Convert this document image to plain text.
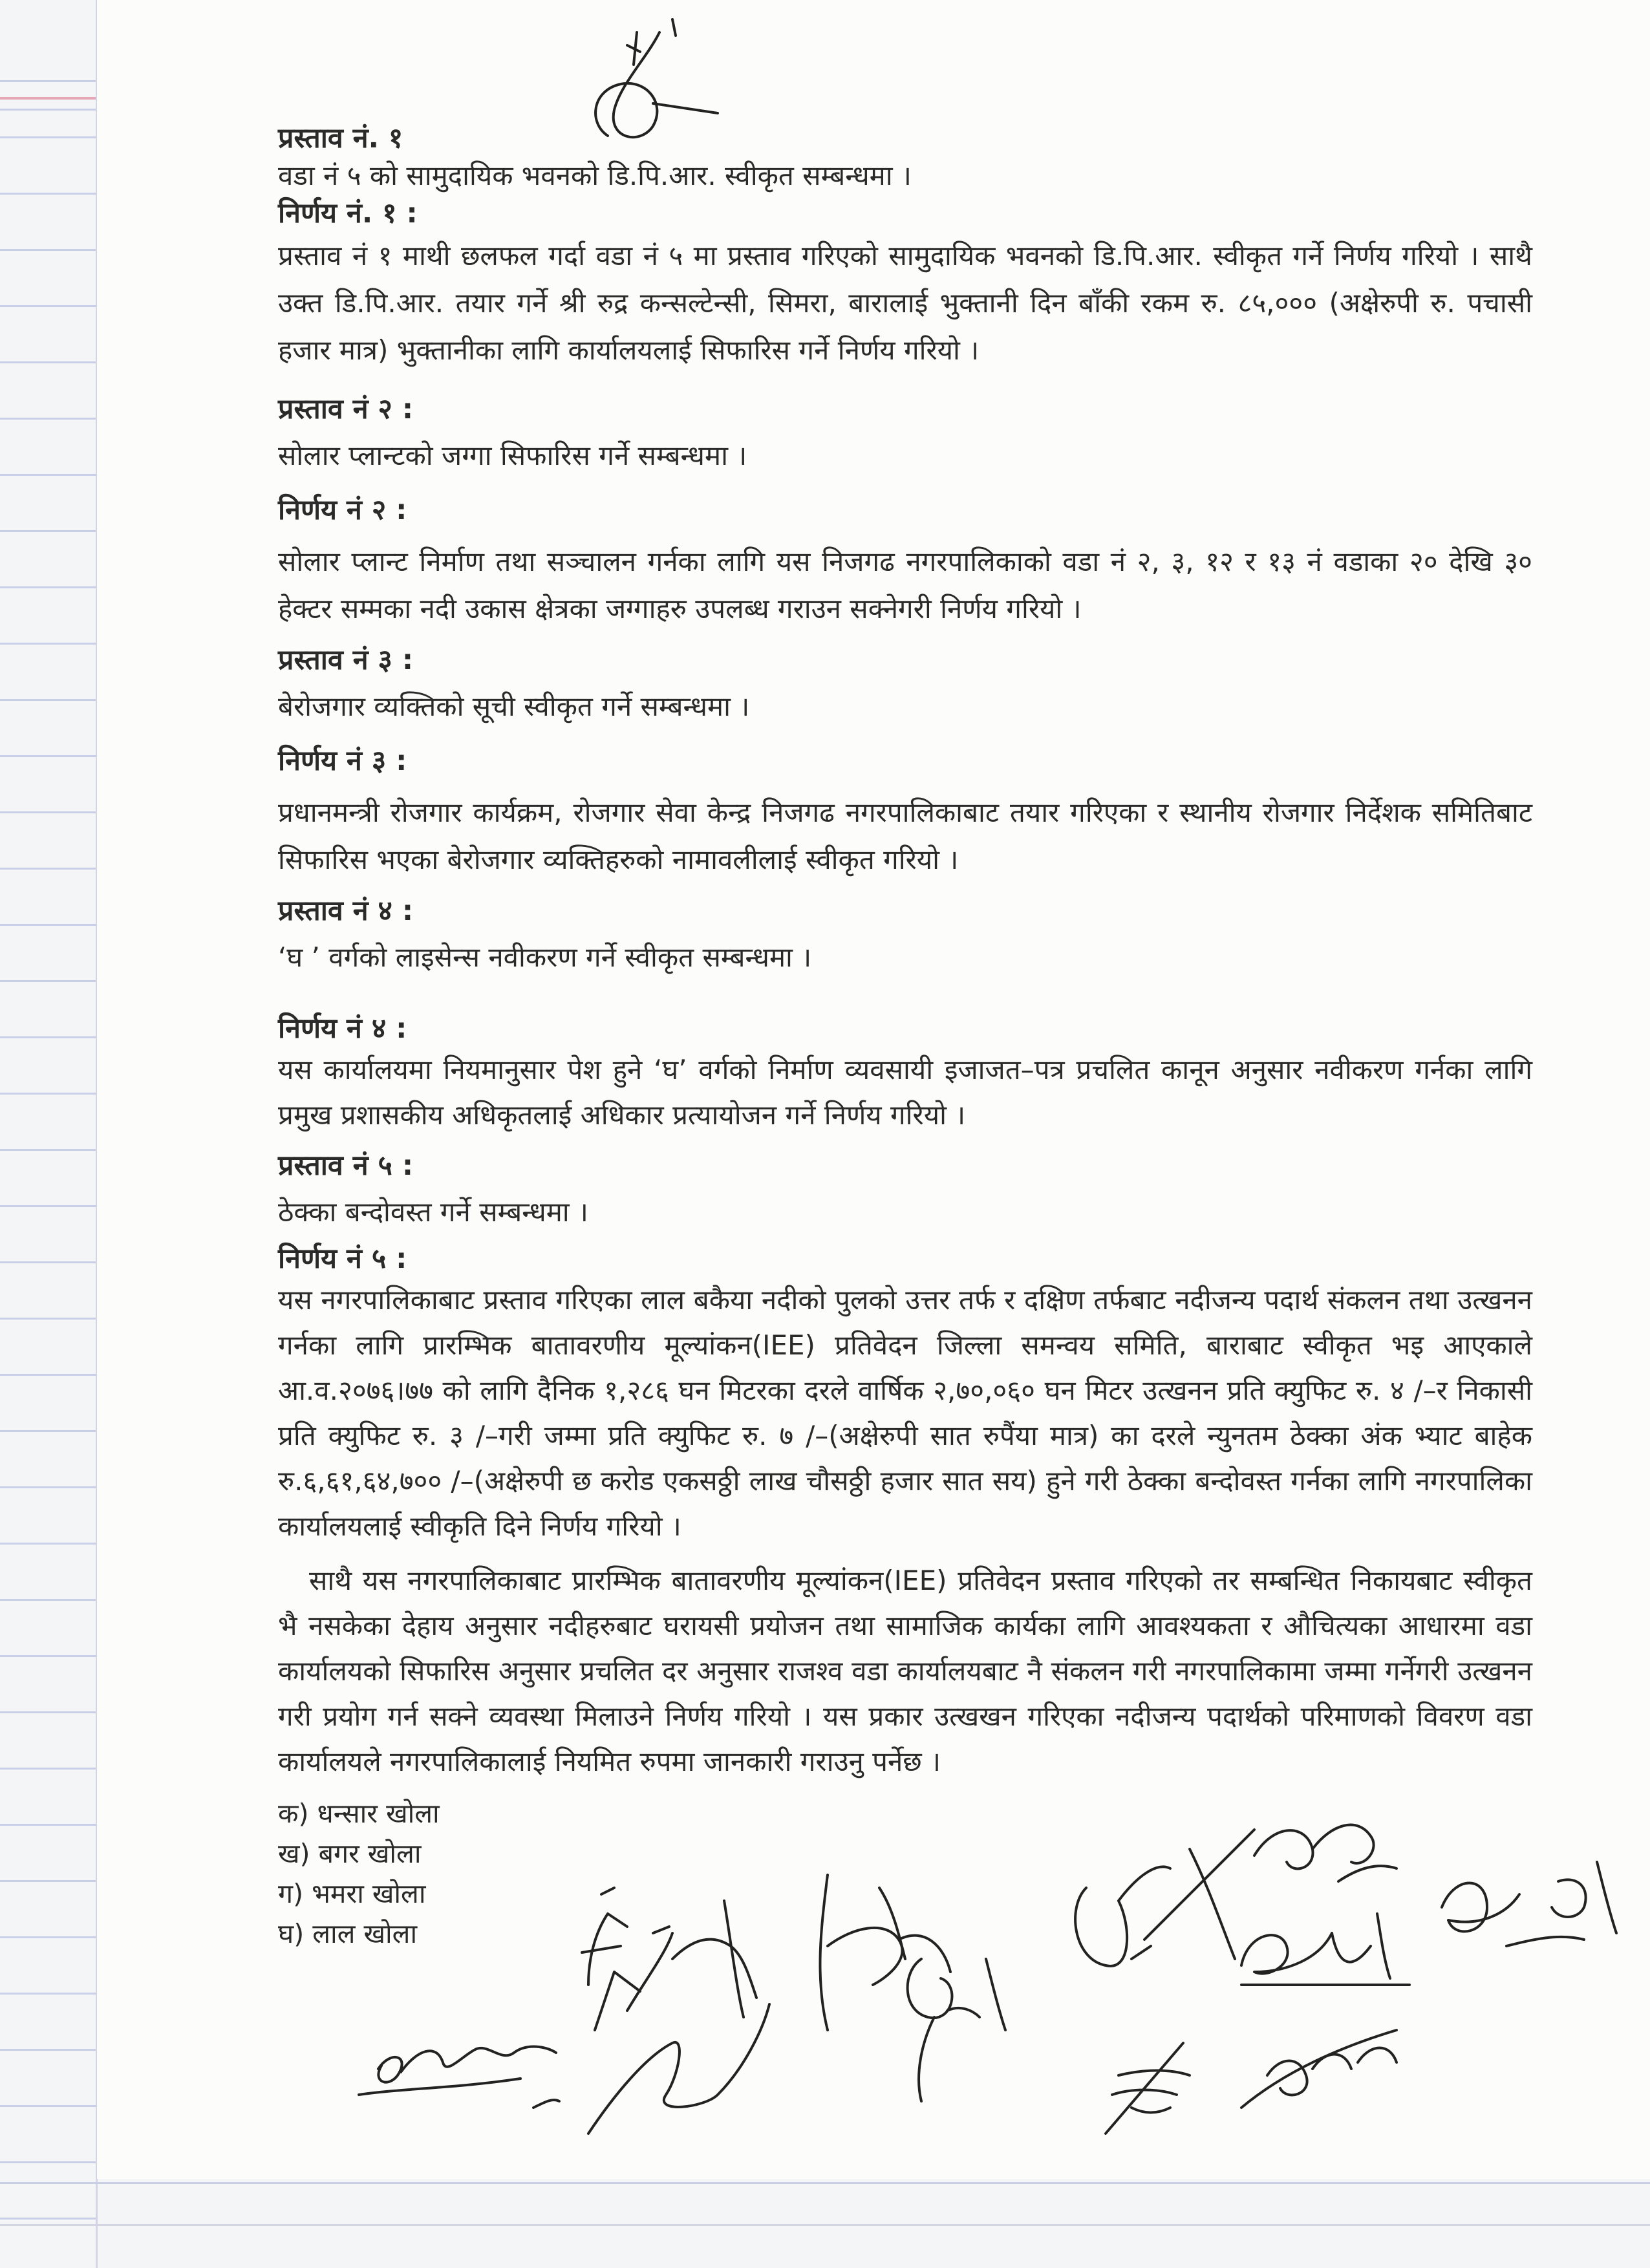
प्रस्ताव नं. १

वडा नं ५ को सामुदायिक भवनको डि.पि.आर. स्वीकृत सम्बन्धमा ।

निर्णय नं. १ :

प्रस्ताव नं १ माथी छलफल गर्दा वडा नं ५ मा प्रस्ताव गरिएको सामुदायिक भवनको डि.पि.आर. स्वीकृत गर्ने निर्णय गरियो । साथै उक्त डि.पि.आर. तयार गर्ने श्री रुद्र कन्सल्टेन्सी, सिमरा, बारालाई भुक्तानी दिन बाँकी रकम रु. ८५,००० (अक्षेरुपी रु. पचासी हजार मात्र) भुक्तानीका लागि कार्यालयलाई सिफारिस गर्ने निर्णय गरियो ।

प्रस्ताव नं २ :

सोलार प्लान्टको जग्गा सिफारिस गर्ने सम्बन्धमा ।

निर्णय नं २ :

सोलार प्लान्ट निर्माण तथा सञ्चालन गर्नका लागि यस निजगढ नगरपालिकाको वडा नं २, ३, १२ र १३ नं वडाका २० देखि ३० हेक्टर सम्मका नदी उकास क्षेत्रका जग्गाहरु उपलब्ध गराउन सक्नेगरी निर्णय गरियो ।

प्रस्ताव नं ३ :

बेरोजगार व्यक्तिको सूची स्वीकृत गर्ने सम्बन्धमा ।

निर्णय नं ३ :

प्रधानमन्त्री रोजगार कार्यक्रम, रोजगार सेवा केन्द्र निजगढ नगरपालिकाबाट तयार गरिएका र स्थानीय रोजगार निर्देशक समितिबाट सिफारिस भएका बेरोजगार व्यक्तिहरुको नामावलीलाई स्वीकृत गरियो ।

प्रस्ताव नं ४ :

‘घ ’ वर्गको लाइसेन्स नवीकरण गर्ने स्वीकृत सम्बन्धमा ।

निर्णय नं ४ :

यस कार्यालयमा नियमानुसार पेश हुने ‘घ’ वर्गको निर्माण व्यवसायी इजाजत–पत्र प्रचलित कानून अनुसार नवीकरण गर्नका लागि प्रमुख प्रशासकीय अधिकृतलाई अधिकार प्रत्यायोजन गर्ने निर्णय गरियो ।

प्रस्ताव नं ५ :

ठेक्का बन्दोवस्त गर्ने सम्बन्धमा ।

निर्णय नं ५ :

यस नगरपालिकाबाट प्रस्ताव गरिएका लाल बकैया नदीको पुलको उत्तर तर्फ र दक्षिण तर्फबाट नदीजन्य पदार्थ संकलन तथा उत्खनन गर्नका लागि प्रारम्भिक बातावरणीय मूल्यांकन(IEE) प्रतिवेदन जिल्ला समन्वय समिति, बाराबाट स्वीकृत भइ आएकाले आ.व.२०७६।७७ को लागि दैनिक १,२८६ घन मिटरका दरले वार्षिक २,७०,०६० घन मिटर उत्खनन प्रति क्युफिट रु. ४ /–र निकासी प्रति क्युफिट रु. ३ /–गरी जम्मा प्रति क्युफिट रु. ७ /–(अक्षेरुपी सात रुपैंया मात्र) का दरले न्युनतम ठेक्का अंक भ्याट बाहेक रु.६,६१,६४,७०० /–(अक्षेरुपी छ करोड एकसठ्ठी लाख चौसठ्ठी हजार सात सय) हुने गरी ठेक्का बन्दोवस्त गर्नका लागि नगरपालिका कार्यालयलाई स्वीकृति दिने निर्णय गरियो ।

साथै यस नगरपालिकाबाट प्रारम्भिक बातावरणीय मूल्यांकन(IEE) प्रतिवेदन प्रस्ताव गरिएको तर सम्बन्धित निकायबाट स्वीकृत भै नसकेका देहाय अनुसार नदीहरुबाट घरायसी प्रयोजन तथा सामाजिक कार्यका लागि आवश्यकता र औचित्यका आधारमा वडा कार्यालयको सिफारिस अनुसार प्रचलित दर अनुसार राजश्व वडा कार्यालयबाट नै संकलन गरी नगरपालिकामा जम्मा गर्नेगरी उत्खनन गरी प्रयोग गर्न सक्ने व्यवस्था मिलाउने निर्णय गरियो । यस प्रकार उत्खखन गरिएका नदीजन्य पदार्थको परिमाणको विवरण वडा कार्यालयले नगरपालिकालाई नियमित रुपमा जानकारी गराउनु पर्नेछ ।

क) धन्सार खोला
ख) बगर खोला
ग) भमरा खोला
घ) लाल खोला
